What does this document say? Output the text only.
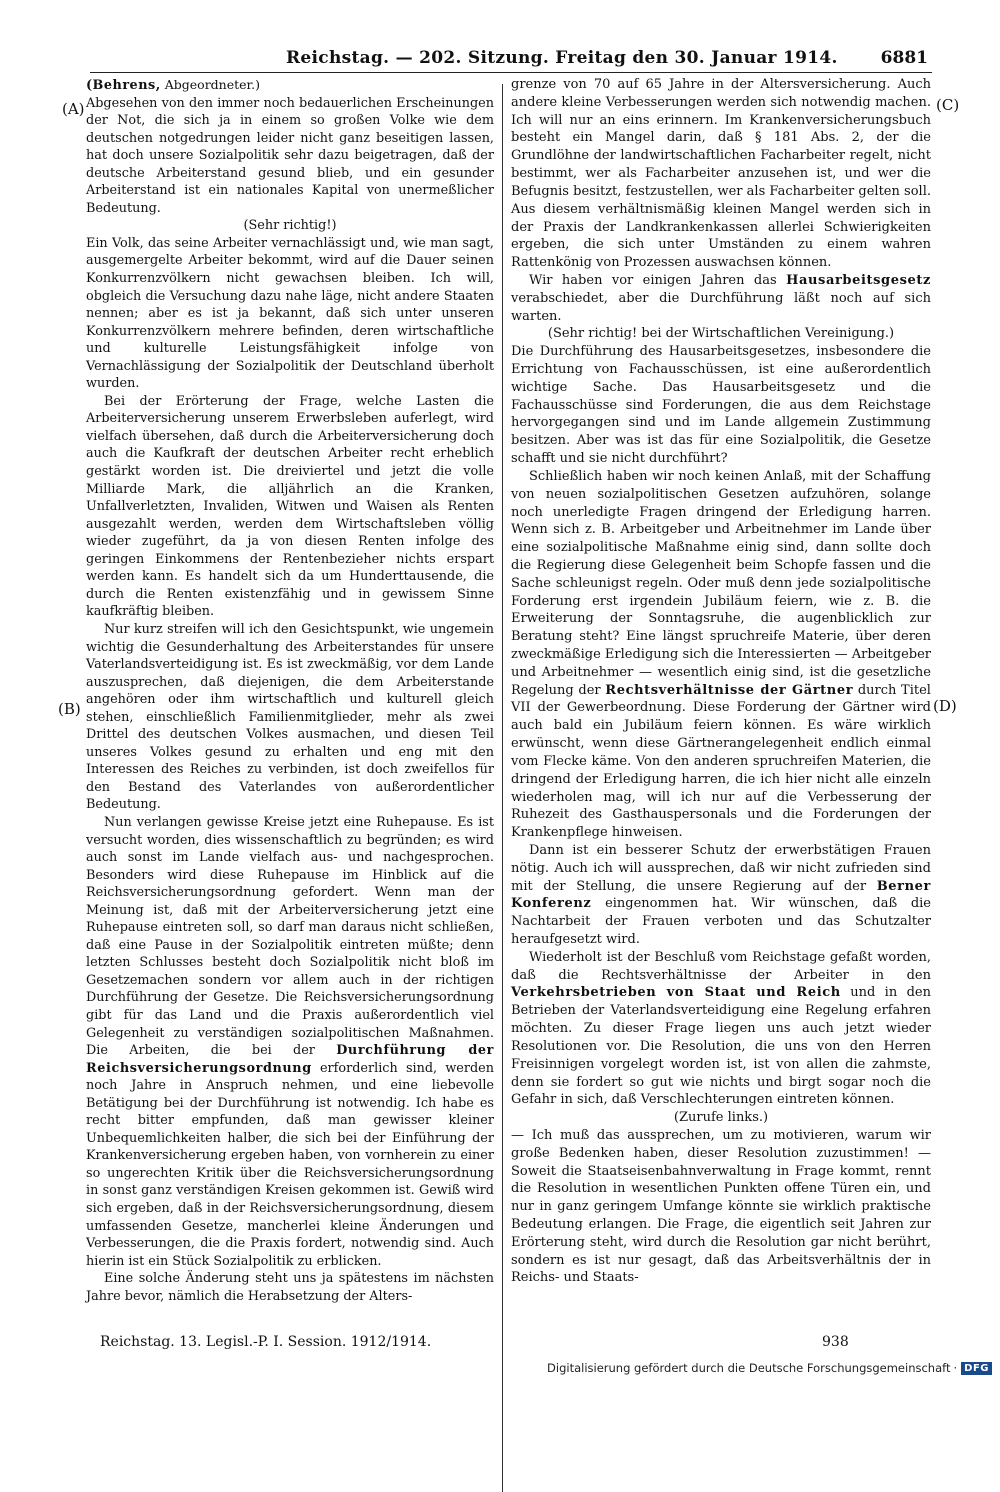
Reichstag. — 202. Sitzung. Freitag den 30. Januar 1914.	6881
(A)
(B)
(C)
(D)

(Behrens, Abgeordneter.)

Abgesehen von den immer noch bedauerlichen Erscheinungen der Not, die sich ja in einem so großen Volke wie dem deutschen notgedrungen leider nicht ganz beseitigen lassen, hat doch unsere Sozialpolitik sehr dazu beigetragen, daß der deutsche Arbeiterstand gesund blieb, und ein gesunder Arbeiterstand ist ein nationales Kapital von unermeßlicher Bedeutung.

(Sehr richtig!)

Ein Volk, das seine Arbeiter vernachlässigt und, wie man sagt, ausgemergelte Arbeiter bekommt, wird auf die Dauer seinen Konkurrenzvölkern nicht gewachsen bleiben. Ich will, obgleich die Versuchung dazu nahe läge, nicht andere Staaten nennen; aber es ist ja bekannt, daß sich unter unseren Konkurrenzvölkern mehrere befinden, deren wirtschaftliche und kulturelle Leistungsfähigkeit infolge von Vernachlässigung der Sozialpolitik der Deutschland überholt wurden.

Bei der Erörterung der Frage, welche Lasten die Arbeiterversicherung unserem Erwerbsleben auferlegt, wird vielfach übersehen, daß durch die Arbeiterversicherung doch auch die Kaufkraft der deutschen Arbeiter recht erheblich gestärkt worden ist. Die dreiviertel und jetzt die volle Milliarde Mark, die alljährlich an die Kranken, Unfallverletzten, Invaliden, Witwen und Waisen als Renten ausgezahlt werden, werden dem Wirtschaftsleben völlig wieder zugeführt, da ja von diesen Renten infolge des geringen Einkommens der Rentenbezieher nichts erspart werden kann. Es handelt sich da um Hunderttausende, die durch die Renten existenzfähig und in gewissem Sinne kaufkräftig bleiben.

Nur kurz streifen will ich den Gesichtspunkt, wie ungemein wichtig die Gesunderhaltung des Arbeiterstandes für unsere Vaterlandsverteidigung ist. Es ist zweckmäßig, vor dem Lande auszusprechen, daß diejenigen, die dem Arbeiterstande angehören oder ihm wirtschaftlich und kulturell gleich stehen, einschließlich Familienmitglieder, mehr als zwei Drittel des deutschen Volkes ausmachen, und diesen Teil unseres Volkes gesund zu erhalten und eng mit den Interessen des Reiches zu verbinden, ist doch zweifellos für den Bestand des Vaterlandes von außerordentlicher Bedeutung.

Nun verlangen gewisse Kreise jetzt eine Ruhepause. Es ist versucht worden, dies wissenschaftlich zu begründen; es wird auch sonst im Lande vielfach aus- und nachgesprochen. Besonders wird diese Ruhepause im Hinblick auf die Reichsversicherungsordnung gefordert. Wenn man der Meinung ist, daß mit der Arbeiterversicherung jetzt eine Ruhepause eintreten soll, so darf man daraus nicht schließen, daß eine Pause in der Sozialpolitik eintreten müßte; denn letzten Schlusses besteht doch Sozialpolitik nicht bloß im Gesetzemachen sondern vor allem auch in der richtigen Durchführung der Gesetze. Die Reichsversicherungsordnung gibt für das Land und die Praxis außerordentlich viel Gelegenheit zu verständigen sozialpolitischen Maßnahmen. Die Arbeiten, die bei der Durchführung der Reichsversicherungsordnung erforderlich sind, werden noch Jahre in Anspruch nehmen, und eine liebevolle Betätigung bei der Durchführung ist notwendig. Ich habe es recht bitter empfunden, daß man gewisser kleiner Unbequemlichkeiten halber, die sich bei der Einführung der Krankenversicherung ergeben haben, von vornherein zu einer so ungerechten Kritik über die Reichsversicherungsordnung in sonst ganz verständigen Kreisen gekommen ist. Gewiß wird sich ergeben, daß in der Reichsversicherungsordnung, diesem umfassenden Gesetze, mancherlei kleine Änderungen und Verbesserungen, die die Praxis fordert, notwendig sind. Auch hierin ist ein Stück Sozialpolitik zu erblicken.

Eine solche Änderung steht uns ja spätestens im nächsten Jahre bevor, nämlich die Herabsetzung der Alters-

grenze von 70 auf 65 Jahre in der Altersversicherung. Auch andere kleine Verbesserungen werden sich notwendig machen. Ich will nur an eins erinnern. Im Krankenversicherungsbuch besteht ein Mangel darin, daß § 181 Abs. 2, der die Grundlöhne der landwirtschaftlichen Facharbeiter regelt, nicht bestimmt, wer als Facharbeiter anzusehen ist, und wer die Befugnis besitzt, festzustellen, wer als Facharbeiter gelten soll. Aus diesem verhältnismäßig kleinen Mangel werden sich in der Praxis der Landkrankenkassen allerlei Schwierigkeiten ergeben, die sich unter Umständen zu einem wahren Rattenkönig von Prozessen auswachsen können.

Wir haben vor einigen Jahren das Hausarbeitsgesetz verabschiedet, aber die Durchführung läßt noch auf sich warten.

(Sehr richtig! bei der Wirtschaftlichen Vereinigung.)

Die Durchführung des Hausarbeitsgesetzes, insbesondere die Errichtung von Fachausschüssen, ist eine außerordentlich wichtige Sache. Das Hausarbeitsgesetz und die Fachausschüsse sind Forderungen, die aus dem Reichstage hervorgegangen sind und im Lande allgemein Zustimmung besitzen. Aber was ist das für eine Sozialpolitik, die Gesetze schafft und sie nicht durchführt?

Schließlich haben wir noch keinen Anlaß, mit der Schaffung von neuen sozialpolitischen Gesetzen aufzuhören, solange noch unerledigte Fragen dringend der Erledigung harren. Wenn sich z. B. Arbeitgeber und Arbeitnehmer im Lande über eine sozialpolitische Maßnahme einig sind, dann sollte doch die Regierung diese Gelegenheit beim Schopfe fassen und die Sache schleunigst regeln. Oder muß denn jede sozialpolitische Forderung erst irgendein Jubiläum feiern, wie z. B. die Erweiterung der Sonntagsruhe, die augenblicklich zur Beratung steht? Eine längst spruchreife Materie, über deren zweckmäßige Erledigung sich die Interessierten — Arbeitgeber und Arbeitnehmer — wesentlich einig sind, ist die gesetzliche Regelung der Rechtsverhältnisse der Gärtner durch Titel VII der Gewerbeordnung. Diese Forderung der Gärtner wird auch bald ein Jubiläum feiern können. Es wäre wirklich erwünscht, wenn diese Gärtnerangelegenheit endlich einmal vom Flecke käme. Von den anderen spruchreifen Materien, die dringend der Erledigung harren, die ich hier nicht alle einzeln wiederholen mag, will ich nur auf die Verbesserung der Ruhezeit des Gasthauspersonals und die Forderungen der Krankenpflege hinweisen.

Dann ist ein besserer Schutz der erwerbstätigen Frauen nötig. Auch ich will aussprechen, daß wir nicht zufrieden sind mit der Stellung, die unsere Regierung auf der Berner Konferenz eingenommen hat. Wir wünschen, daß die Nachtarbeit der Frauen verboten und das Schutzalter heraufgesetzt wird.

Wiederholt ist der Beschluß vom Reichstage gefaßt worden, daß die Rechtsverhältnisse der Arbeiter in den Verkehrsbetrieben von Staat und Reich und in den Betrieben der Vaterlandsverteidigung eine Regelung erfahren möchten. Zu dieser Frage liegen uns auch jetzt wieder Resolutionen vor. Die Resolution, die uns von den Herren Freisinnigen vorgelegt worden ist, ist von allen die zahmste, denn sie fordert so gut wie nichts und birgt sogar noch die Gefahr in sich, daß Verschlechterungen eintreten können.

(Zurufe links.)

— Ich muß das aussprechen, um zu motivieren, warum wir große Bedenken haben, dieser Resolution zuzustimmen! — Soweit die Staatseisenbahnverwaltung in Frage kommt, rennt die Resolution in wesentlichen Punkten offene Türen ein, und nur in ganz geringem Umfange könnte sie wirklich praktische Bedeutung erlangen. Die Frage, die eigentlich seit Jahren zur Erörterung steht, wird durch die Resolution gar nicht berührt, sondern es ist nur gesagt, daß das Arbeitsverhältnis der in Reichs- und Staats-

Reichstag. 13. Legisl.-P. I. Session. 1912/1914.	938
Digitalisierung gefördert durch die Deutsche Forschungsgemeinschaft · DFG
